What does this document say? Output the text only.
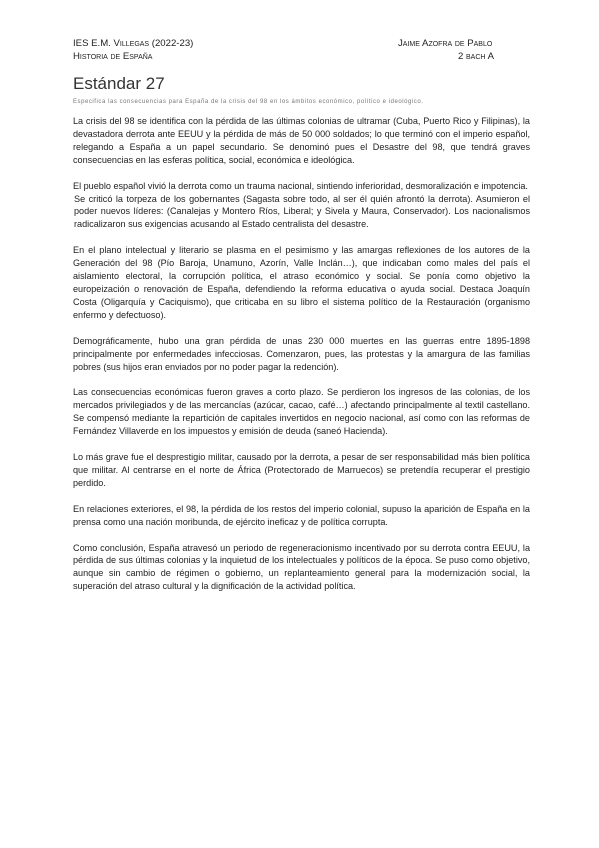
IES E.M. Villegas (2022-23)
Historia de España
Jaime Azofra de Pablo
2 bach A
Estándar 27
Especifica las consecuencias para España de la crisis del 98 en los ámbitos económico, político e ideológico.

La crisis del 98 se identifica con la pérdida de las últimas colonias de ultramar (Cuba, Puerto Rico y Filipinas), la devastadora derrota ante EEUU y la pérdida de más de 50 000 soldados; lo que terminó con el imperio español, relegando a España a un papel secundario. Se denominó pues el Desastre del 98, que tendrá graves consecuencias en las esferas política, social, económica e ideológica.

El pueblo español vivió la derrota como un trauma nacional, sintiendo inferioridad, desmoralización e impotencia.

Se criticó la torpeza de los gobernantes (Sagasta sobre todo, al ser él quién afrontó la derrota). Asumieron el poder nuevos líderes: (Canalejas y Montero Ríos, Liberal; y Sivela y Maura, Conservador). Los nacionalismos radicalizaron sus exigencias acusando al Estado centralista del desastre.

En el plano intelectual y literario se plasma en el pesimismo y las amargas reflexiones de los autores de la Generación del 98 (Pío Baroja, Unamuno, Azorín, Valle Inclán…), que indicaban como males del país el aislamiento electoral, la corrupción política, el atraso económico y social. Se ponía como objetivo la europeización o renovación de España, defendiendo la reforma educativa o ayuda social. Destaca Joaquín Costa (Oligarquía y Caciquismo), que criticaba en su libro el sistema político de la Restauración (organismo enfermo y defectuoso).

Demográficamente, hubo una gran pérdida de unas 230 000 muertes en las guerras entre 1895-1898 principalmente por enfermedades infecciosas. Comenzaron, pues, las protestas y la amargura de las familias pobres (sus hijos eran enviados por no poder pagar la redención).

Las consecuencias económicas fueron graves a corto plazo. Se perdieron los ingresos de las colonias, de los mercados privilegiados y de las mercancías (azúcar, cacao, café…) afectando principalmente al textil castellano. Se compensó mediante la repartición de capitales invertidos en negocio nacional, así como con las reformas de Fernández Villaverde en los impuestos y emisión de deuda (saneó Hacienda).

Lo más grave fue el desprestigio militar, causado por la derrota, a pesar de ser responsabilidad más bien política que militar. Al centrarse en el norte de África (Protectorado de Marruecos) se pretendía recuperar el prestigio perdido.

En relaciones exteriores, el 98, la pérdida de los restos del imperio colonial, supuso la aparición de España en la prensa como una nación moribunda, de ejército ineficaz y de política corrupta.

Como conclusión, España atravesó un periodo de regeneracionismo incentivado por su derrota contra EEUU, la pérdida de sus últimas colonias y la inquietud de los intelectuales y políticos de la época. Se puso como objetivo, aunque sin cambio de régimen o gobierno, un replanteamiento general para la modernización social, la superación del atraso cultural y la dignificación de la actividad política.
